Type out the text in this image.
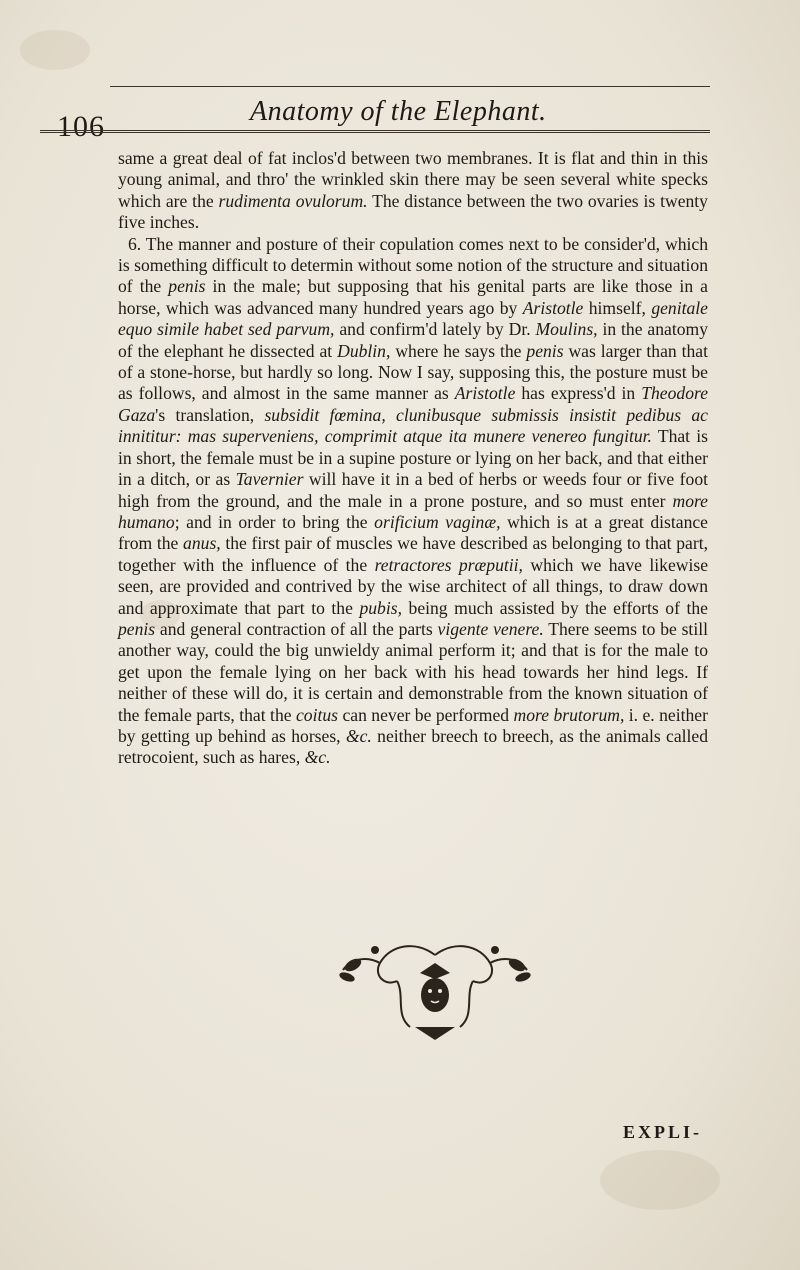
106	Anatomy of the Elephant.

same a great deal of fat inclos'd between two membranes. It is flat and thin in this young animal, and thro' the wrinkled skin there may be seen several white specks which are the rudimenta ovulorum. The distance between the two ovaries is twenty five inches.

6. The manner and posture of their copulation comes next to be consider'd, which is something difficult to determin without some notion of the structure and situation of the penis in the male; but supposing that his genital parts are like those in a horse, which was advanced many hundred years ago by Aristotle himself, genitale equo simile habet sed parvum, and confirm'd lately by Dr. Moulins, in the anatomy of the elephant he dissected at Dublin, where he says the penis was larger than that of a stone-horse, but hardly so long. Now I say, supposing this, the posture must be as follows, and almost in the same manner as Aristotle has express'd in Theodore Gaza's translation, subsidit fœmina, clunibusque submissis insistit pedibus ac innititur: mas superveniens, comprimit atque ita munere venereo fungitur. That is in short, the female must be in a supine posture or lying on her back, and that either in a ditch, or as Tavernier will have it in a bed of herbs or weeds four or five foot high from the ground, and the male in a prone posture, and so must enter more humano; and in order to bring the orificium vaginæ, which is at a great distance from the anus, the first pair of muscles we have described as belonging to that part, together with the influence of the retractores præputii, which we have likewise seen, are provided and contrived by the wise architect of all things, to draw down and approximate that part to the pubis, being much assisted by the efforts of the penis and general contraction of all the parts vigente venere. There seems to be still another way, could the big unwieldy animal perform it; and that is for the male to get upon the female lying on her back with his head towards her hind legs. If neither of these will do, it is certain and demonstrable from the known situation of the female parts, that the coitus can never be performed more brutorum, i. e. neither by getting up behind as horses, &c. neither breech to breech, as the animals called retrocoient, such as hares, &c.

EXPLI-
